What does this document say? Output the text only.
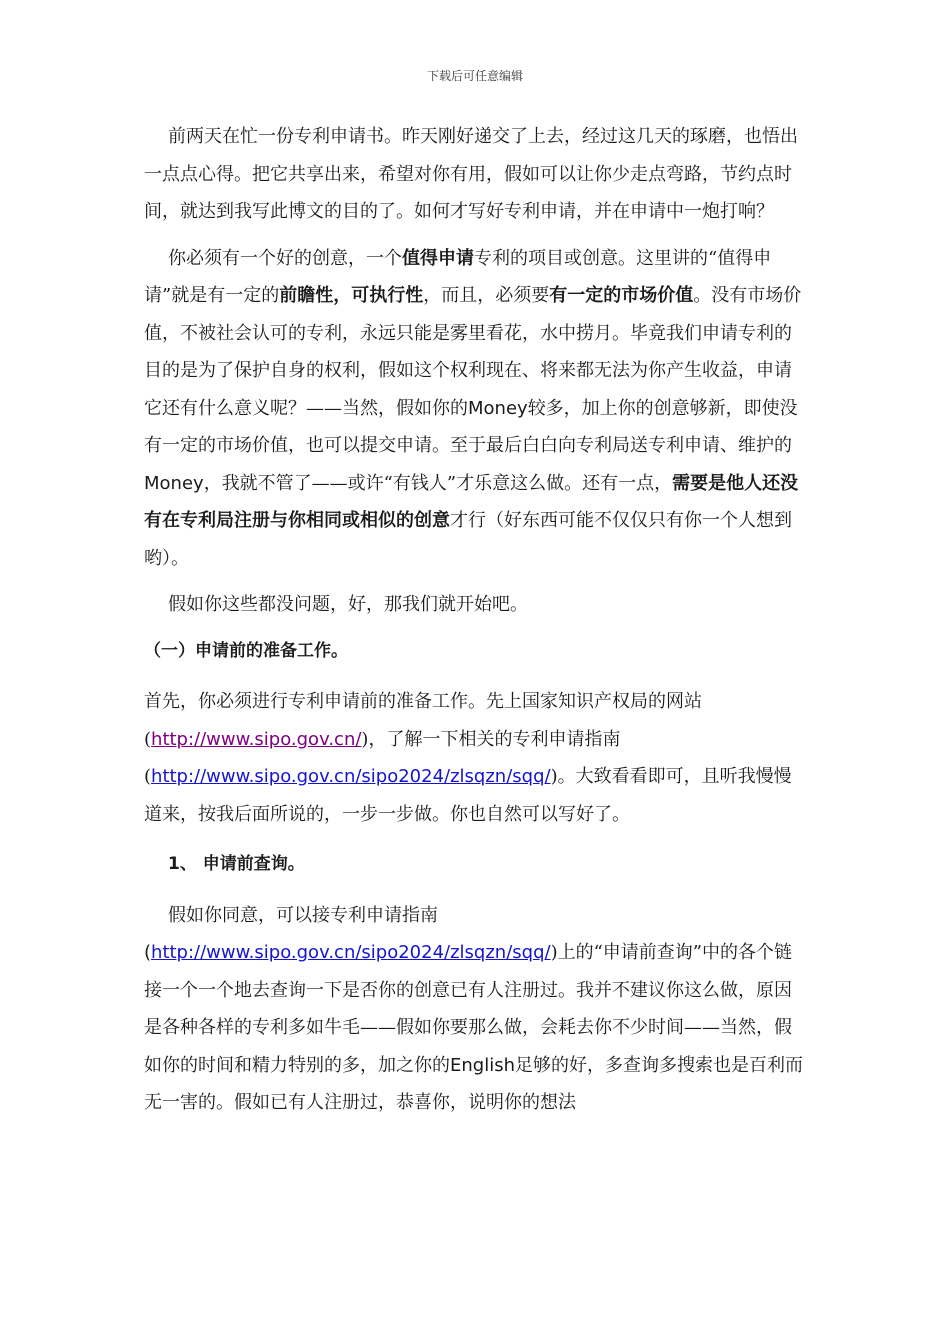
下载后可任意编辑

前两天在忙一份专利申请书。昨天刚好递交了上去，经过这几天的琢磨，也悟出一点点心得。把它共享出来，希望对你有用，假如可以让你少走点弯路，节约点时间，就达到我写此博文的目的了。如何才写好专利申请，并在申请中一炮打响？

你必须有一个好的创意，一个值得申请专利的项目或创意。这里讲的“值得申请”就是有一定的前瞻性，可执行性，而且，必须要有一定的市场价值。没有市场价值，不被社会认可的专利，永远只能是雾里看花，水中捞月。毕竟我们申请专利的目的是为了保护自身的权利，假如这个权利现在、将来都无法为你产生收益，申请它还有什么意义呢？——当然，假如你的Money较多，加上你的创意够新，即使没有一定的市场价值，也可以提交申请。至于最后白白向专利局送专利申请、维护的Money，我就不管了——或许“有钱人”才乐意这么做。还有一点，需要是他人还没有在专利局注册与你相同或相似的创意才行（好东西可能不仅仅只有你一个人想到哟）。

假如你这些都没问题，好，那我们就开始吧。

（一）申请前的准备工作。

首先，你必须进行专利申请前的准备工作。先上国家知识产权局的网站(http://www.sipo.gov.cn/)，了解一下相关的专利申请指南(http://www.sipo.gov.cn/sipo2024/zlsqzn/sqq/)。大致看看即可，且听我慢慢道来，按我后面所说的，一步一步做。你也自然可以写好了。

1、 申请前查询。

假如你同意，可以接专利申请指南
(http://www.sipo.gov.cn/sipo2024/zlsqzn/sqq/)上的“申请前查询”中的各个链接一个一个地去查询一下是否你的创意已有人注册过。我并不建议你这么做，原因是各种各样的专利多如牛毛——假如你要那么做，会耗去你不少时间——当然，假如你的时间和精力特别的多，加之你的English足够的好，多查询多搜索也是百利而无一害的。假如已有人注册过，恭喜你，说明你的想法
